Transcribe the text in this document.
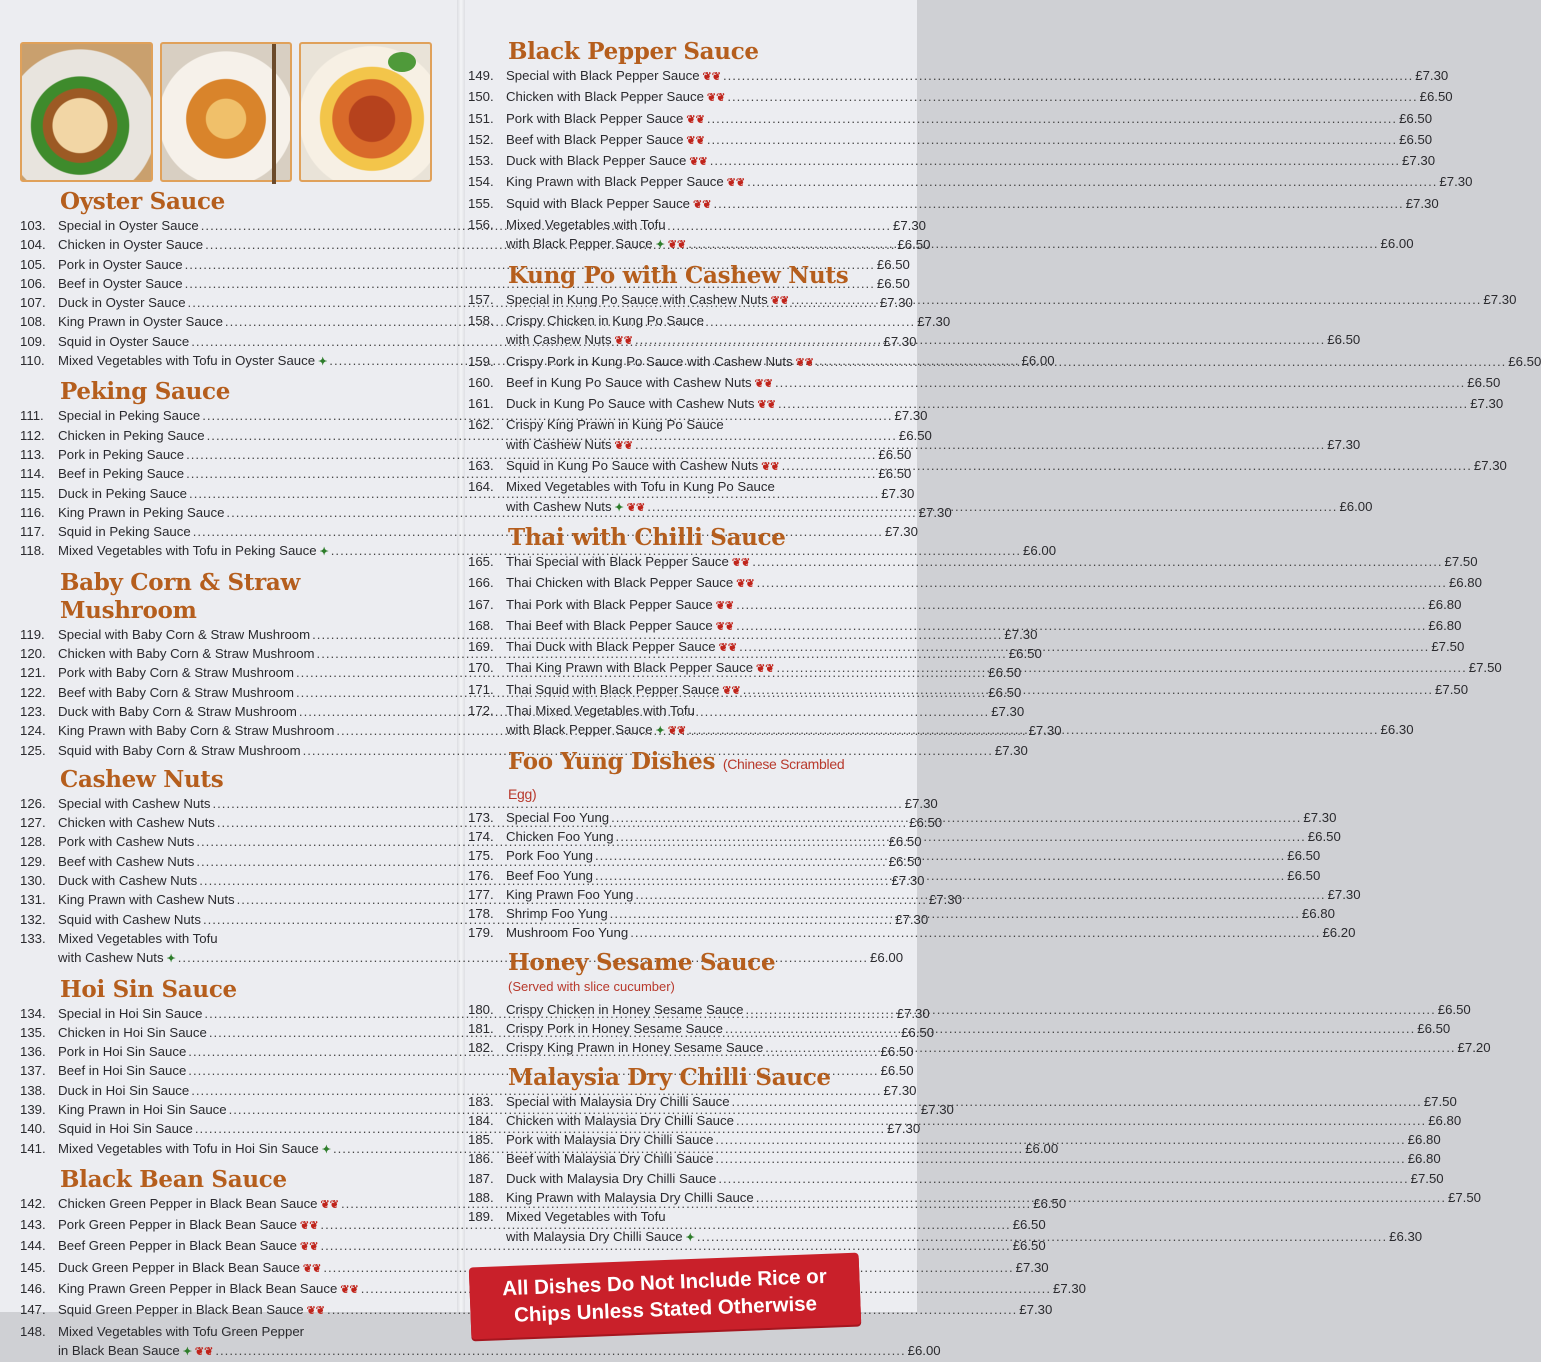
Oyster Sauce
103. Special in Oyster Sauce .....	£7.30
104. Chicken in Oyster Sauce .....	£6.50
105. Pork in Oyster Sauce .....	£6.50
106. Beef in Oyster Sauce .....	£6.50
107. Duck in Oyster Sauce .....	£7.30
108. King Prawn in Oyster Sauce .....	£7.30
109. Squid in Oyster Sauce .....	£7.30
110.	Mixed Vegetables with Tofu in Oyster Sauce ✦ .....	£6.00
Peking Sauce
111.	Special in Peking Sauce .....	£7.30
112.	Chicken in Peking Sauce .....	£6.50
113.	Pork in Peking Sauce .....	£6.50
114.	Beef in Peking Sauce .....	£6.50
115.	Duck in Peking Sauce .....	£7.30
116.	King Prawn in Peking Sauce .....	£7.30
117.	Squid in Peking Sauce .....	£7.30
118.	Mixed Vegetables with Tofu in Peking Sauce ✦ .....	£6.00
Baby Corn & Straw Mushroom
119.	Special with Baby Corn & Straw Mushroom .....	£7.30
120. Chicken with Baby Corn & Straw Mushroom .....	£6.50
121. Pork with Baby Corn & Straw Mushroom .....	£6.50
122. Beef with Baby Corn & Straw Mushroom .....	£6.50
123. Duck with Baby Corn & Straw Mushroom .....	£7.30
124. King Prawn with Baby Corn & Straw Mushroom .....	£7.30
125. Squid with Baby Corn & Straw Mushroom .....	£7.30
Cashew Nuts
126. Special with Cashew Nuts .....	£7.30
127. Chicken with Cashew Nuts .....	£6.50
128. Pork with Cashew Nuts .....	£6.50
129. Beef with Cashew Nuts .....	£6.50
130. Duck with Cashew Nuts .....	£7.30
131. King Prawn with Cashew Nuts .....	£7.30
132. Squid with Cashew Nuts .....	£7.30
133. Mixed Vegetables with Tofu
with Cashew Nuts ✦ .....	£6.00
Hoi Sin Sauce
134. Special in Hoi Sin Sauce .....	£7.30
135. Chicken in Hoi Sin Sauce .....	£6.50
136. Pork in Hoi Sin Sauce .....	£6.50
137. Beef in Hoi Sin Sauce .....	£6.50
138. Duck in Hoi Sin Sauce .....	£7.30
139. King Prawn in Hoi Sin Sauce .....	£7.30
140. Squid in Hoi Sin Sauce .....	£7.30
141. Mixed Vegetables with Tofu in Hoi Sin Sauce ✦ .....	£6.00
Black Bean Sauce
142. Chicken Green Pepper in Black Bean Sauce ❦❦ .....	£6.50
143. Pork Green Pepper in Black Bean Sauce ❦❦ .....	£6.50
144. Beef Green Pepper in Black Bean Sauce ❦❦ .....	£6.50
145. Duck Green Pepper in Black Bean Sauce ❦❦ .....	£7.30
146. King Prawn Green Pepper in Black Bean Sauce ❦❦ .....	£7.30
147. Squid Green Pepper in Black Bean Sauce ❦❦ .....	£7.30
148. Mixed Vegetables with Tofu Green Pepper
in Black Bean Sauce ✦ ❦❦ .....	£6.00
Black Pepper Sauce
149. Special with Black Pepper Sauce ❦❦ .....	£7.30
150. Chicken with Black Pepper Sauce ❦❦ .....	£6.50
151. Pork with Black Pepper Sauce ❦❦ .....	£6.50
152. Beef with Black Pepper Sauce ❦❦ .....	£6.50
153. Duck with Black Pepper Sauce ❦❦ .....	£7.30
154. King Prawn with Black Pepper Sauce ❦❦ .....	£7.30
155. Squid with Black Pepper Sauce ❦❦ .....	£7.30
156. Mixed Vegetables with Tofu
with Black Pepper Sauce ✦ ❦❦ .....	£6.00
Kung Po with Cashew Nuts
157. Special in Kung Po Sauce with Cashew Nuts ❦❦ .....	£7.30
158. Crispy Chicken in Kung Po Sauce
with Cashew Nuts ❦❦ .....	£6.50
159. Crispy Pork in Kung Po Sauce with Cashew Nuts ❦❦ .....	£6.50
160. Beef in Kung Po Sauce with Cashew Nuts ❦❦ .....	£6.50
161. Duck in Kung Po Sauce with Cashew Nuts ❦❦ .....	£7.30
162. Crispy King Prawn in Kung Po Sauce
with Cashew Nuts ❦❦ .....	£7.30
163. Squid in Kung Po Sauce with Cashew Nuts ❦❦ .....	£7.30
164. Mixed Vegetables with Tofu in Kung Po Sauce
with Cashew Nuts ✦ ❦❦ .....	£6.00
Thai with Chilli Sauce
165. Thai Special with Black Pepper Sauce ❦❦ .....	£7.50
166. Thai Chicken with Black Pepper Sauce ❦❦ .....	£6.80
167. Thai Pork with Black Pepper Sauce ❦❦ .....	£6.80
168. Thai Beef with Black Pepper Sauce ❦❦ .....	£6.80
169. Thai Duck with Black Pepper Sauce ❦❦ .....	£7.50
170. Thai King Prawn with Black Pepper Sauce ❦❦ .....	£7.50
171. Thai Squid with Black Pepper Sauce ❦❦ .....	£7.50
172. Thai Mixed Vegetables with Tofu
with Black Pepper Sauce ✦ ❦❦ .....	£6.30
Foo Yung Dishes (Chinese Scrambled Egg)
173. Special Foo Yung .....	£7.30
174. Chicken Foo Yung .....	£6.50
175. Pork Foo Yung .....	£6.50
176. Beef Foo Yung .....	£6.50
177. King Prawn Foo Yung .....	£7.30
178. Shrimp Foo Yung .....	£6.80
179. Mushroom Foo Yung .....	£6.20
Honey Sesame Sauce
(Served with slice cucumber)
180. Crispy Chicken in Honey Sesame Sauce .....	£6.50
181. Crispy Pork in Honey Sesame Sauce .....	£6.50
182. Crispy King Prawn in Honey Sesame Sauce .....	£7.20
Malaysia Dry Chilli Sauce
183. Special with Malaysia Dry Chilli Sauce .....	£7.50
184. Chicken with Malaysia Dry Chilli Sauce .....	£6.80
185. Pork with Malaysia Dry Chilli Sauce .....	£6.80
186. Beef with Malaysia Dry Chilli Sauce .....	£6.80
187. Duck with Malaysia Dry Chilli Sauce .....	£7.50
188. King Prawn with Malaysia Dry Chilli Sauce .....	£7.50
189. Mixed Vegetables with Tofu
with Malaysia Dry Chilli Sauce ✦ .....	£6.30
All Dishes Do Not Include Rice or
Chips Unless Stated Otherwise
